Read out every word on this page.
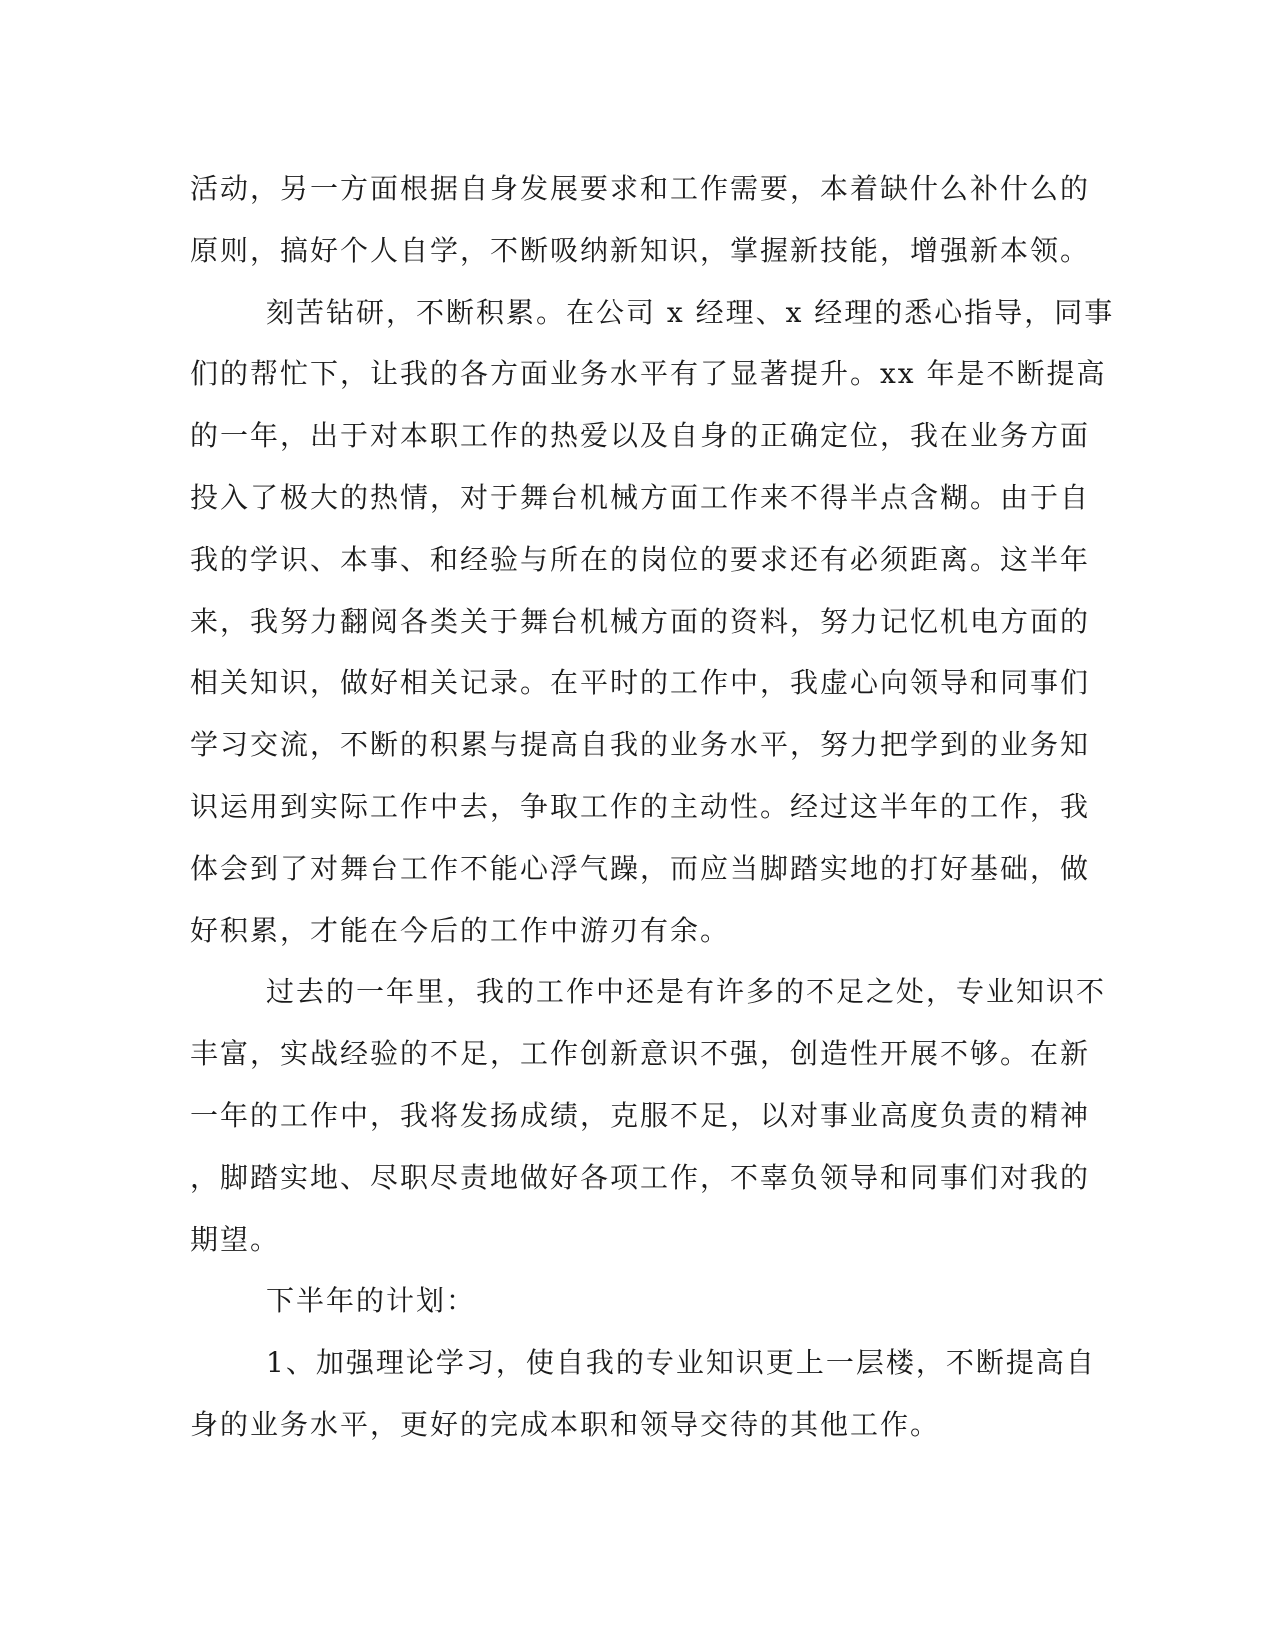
活动，另一方面根据自身发展要求和工作需要，本着缺什么补什么的
原则，搞好个人自学，不断吸纳新知识，掌握新技能，增强新本领。
刻苦钻研，不断积累。在公司 x 经理、x 经理的悉心指导，同事
们的帮忙下，让我的各方面业务水平有了显著提升。xx 年是不断提高
的一年，出于对本职工作的热爱以及自身的正确定位，我在业务方面
投入了极大的热情，对于舞台机械方面工作来不得半点含糊。由于自
我的学识、本事、和经验与所在的岗位的要求还有必须距离。这半年
来，我努力翻阅各类关于舞台机械方面的资料，努力记忆机电方面的
相关知识，做好相关记录。在平时的工作中，我虚心向领导和同事们
学习交流，不断的积累与提高自我的业务水平，努力把学到的业务知
识运用到实际工作中去，争取工作的主动性。经过这半年的工作，我
体会到了对舞台工作不能心浮气躁，而应当脚踏实地的打好基础，做
好积累，才能在今后的工作中游刃有余。
过去的一年里，我的工作中还是有许多的不足之处，专业知识不
丰富，实战经验的不足，工作创新意识不强，创造性开展不够。在新
一年的工作中，我将发扬成绩，克服不足，以对事业高度负责的精神
，脚踏实地、尽职尽责地做好各项工作，不辜负领导和同事们对我的
期望。
下半年的计划：
1、加强理论学习，使自我的专业知识更上一层楼，不断提高自
身的业务水平，更好的完成本职和领导交待的其他工作。
